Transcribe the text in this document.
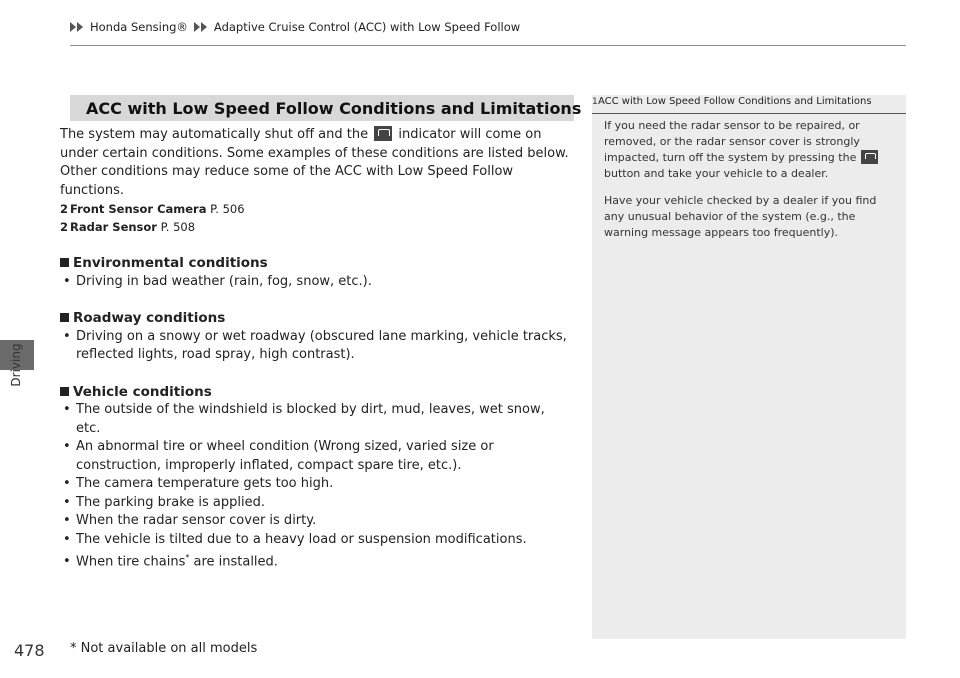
Honda Sensing® Adaptive Cruise Control (ACC) with Low Speed Follow
Driving
ACC with Low Speed Follow Conditions and Limitations

The system may automatically shut off and the indicator will come on under certain conditions. Some examples of these conditions are listed below. Other conditions may reduce some of the ACC with Low Speed Follow functions.

2 Front Sensor Camera P. 506

2 Radar Sensor P. 508

Environmental conditions

• Driving in bad weather (rain, fog, snow, etc.).

Roadway conditions

• Driving on a snowy or wet roadway (obscured lane marking, vehicle tracks, reflected lights, road spray, high contrast).

Vehicle conditions

• The outside of the windshield is blocked by dirt, mud, leaves, wet snow, etc.

• An abnormal tire or wheel condition (Wrong sized, varied size or construction, improperly inflated, compact spare tire, etc.).

• The camera temperature gets too high.

• The parking brake is applied.

• When the radar sensor cover is dirty.

• The vehicle is tilted due to a heavy load or suspension modifications.

• When tire chains* are installed.

1ACC with Low Speed Follow Conditions and Limitations

If you need the radar sensor to be repaired, or removed, or the radar sensor cover is strongly impacted, turn off the system by pressing the  button and take your vehicle to a dealer.

Have your vehicle checked by a dealer if you find any unusual behavior of the system (e.g., the warning message appears too frequently).

478 * Not available on all models
